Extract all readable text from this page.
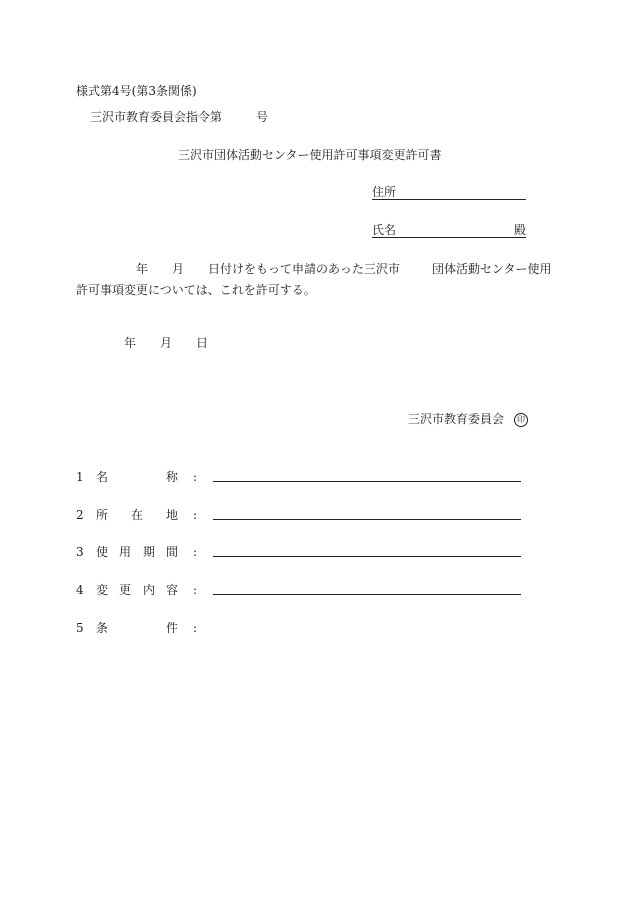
様式第4号(第3条関係)
三沢市教育委員会指令第	号
三沢市団体活動センター使用許可事項変更許可書
住所
氏名	殿
年 月 日付けをもって申請のあった三沢市	団体活動センター使用
許可事項変更については、これを許可する。
年 月 日
三沢市教育委員会 印
1 名	称 :
2 所 在 地 :
3 使 用 期 間 :
4 変 更 内 容 :
5 条	件 :
